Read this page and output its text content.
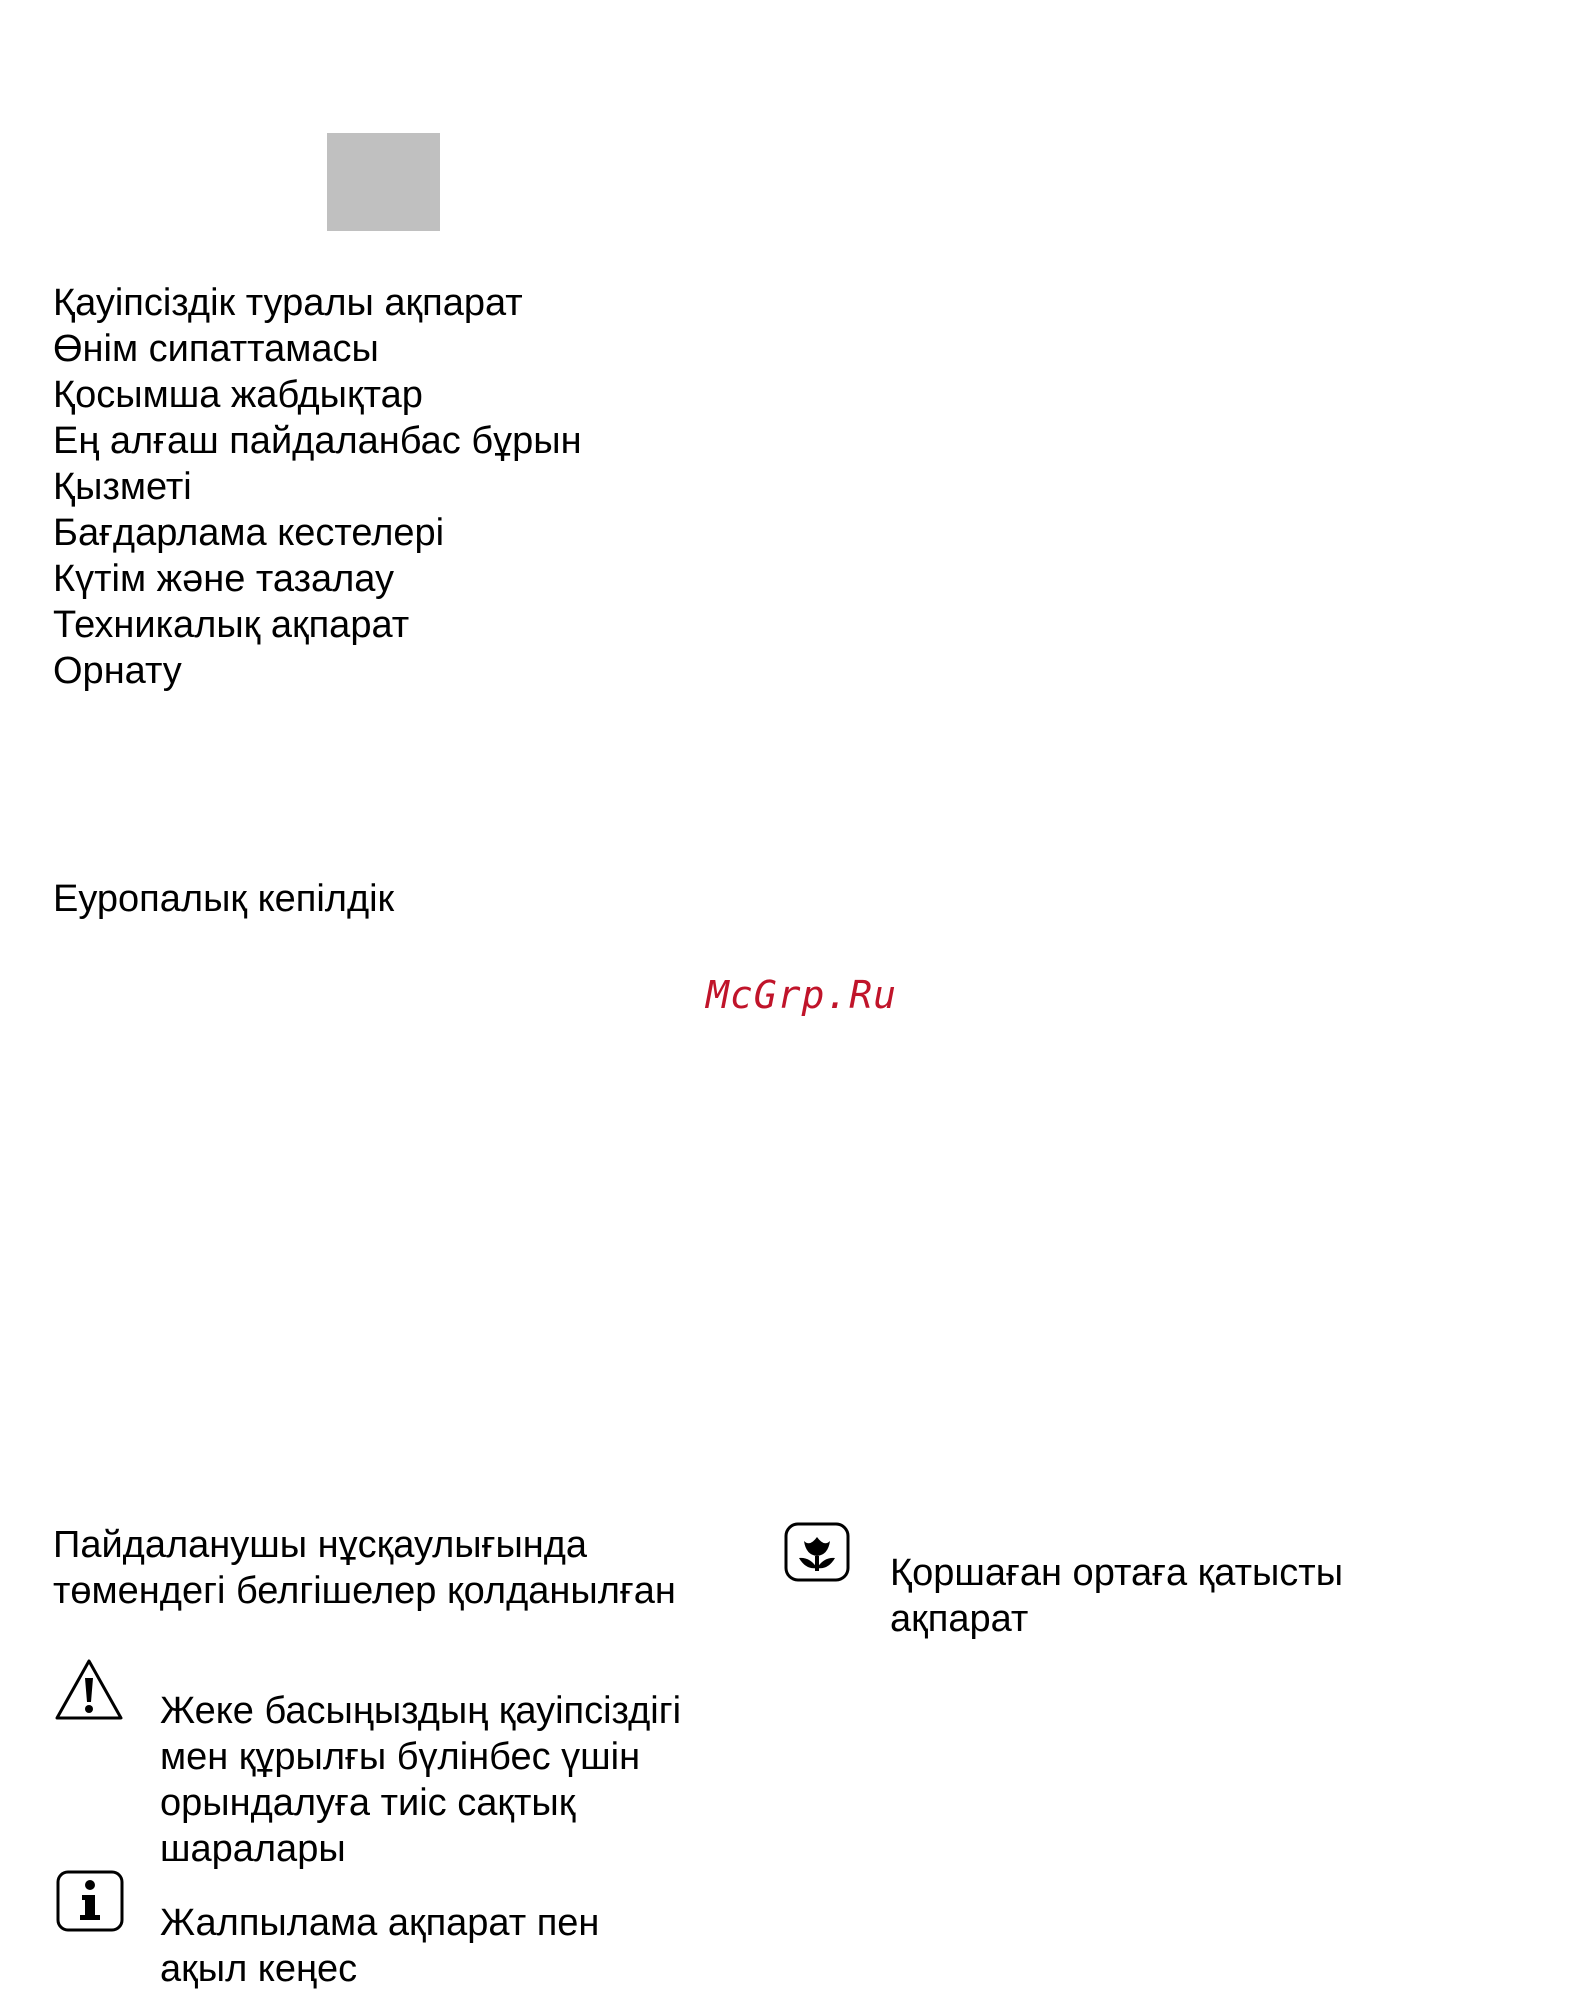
Қауіпсіздік туралы ақпарат
Өнім сипаттамасы
Қосымша жабдықтар
Ең алғаш пайдаланбас бұрын
Қызметі
Бағдарлама кестелері
Күтім және тазалау
Техникалық ақпарат
Орнату
Еуропалық кепілдік
McGrp.Ru
Пайдаланушы нұсқаулығында
төмендегі белгішелер қолданылған	Қоршаған ортаға қатысты
ақпарат
Жеке басыңыздың қауіпсіздігі
мен құрылғы бүлінбес үшін
орындалуға тиіс сақтық
шаралары
Жалпылама ақпарат пен
ақыл кеңес
